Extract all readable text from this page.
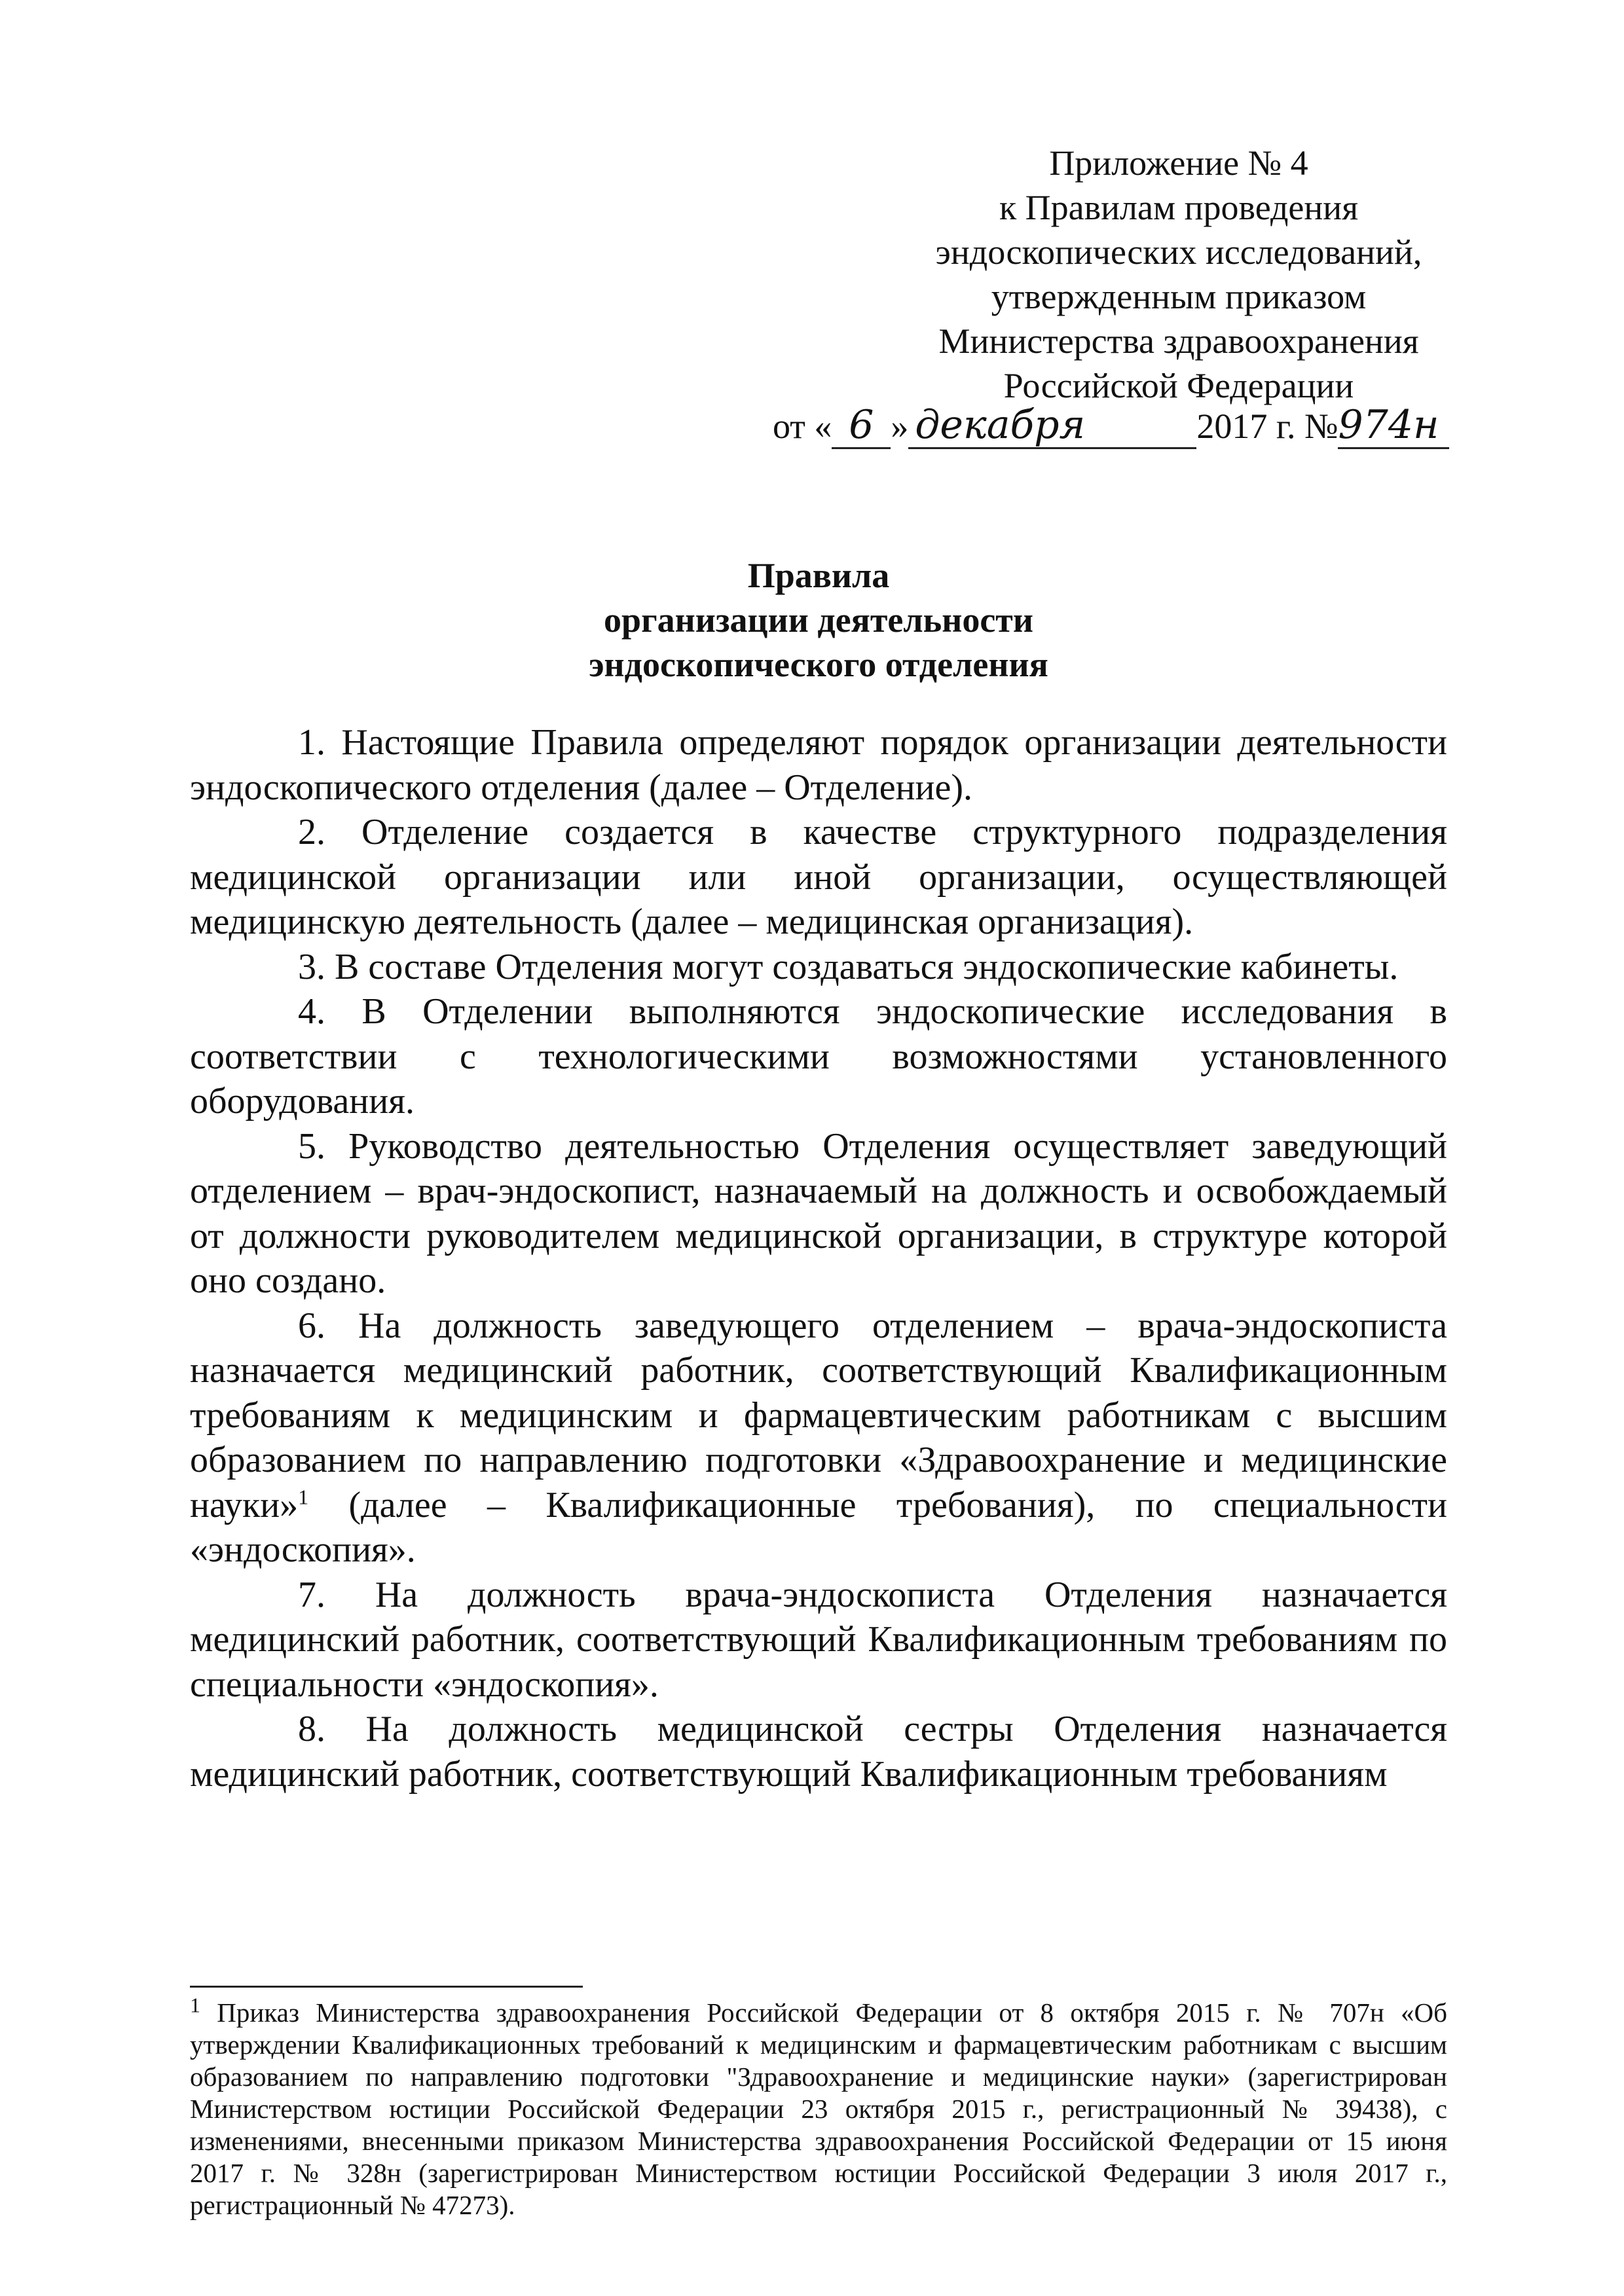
Приложение № 4
к Правилам проведения
эндоскопических исследований,
утвержденным приказом
Министерства здравоохранения
Российской Федерации
от « 6 » декабря	2017 г. №974н
Правила
организации деятельности
эндоскопического отделения

1. Настоящие Правила определяют порядок организации деятельности эндоскопического отделения (далее – Отделение).

2. Отделение создается в качестве структурного подразделения медицинской организации или иной организации, осуществляющей медицинскую деятельность (далее – медицинская организация).

3. В составе Отделения могут создаваться эндоскопические кабинеты.

4. В Отделении выполняются эндоскопические исследования в соответствии с технологическими возможностями установленного оборудования.

5. Руководство деятельностью Отделения осуществляет заведующий отделением – врач-эндоскопист, назначаемый на должность и освобождаемый от должности руководителем медицинской организации, в структуре которой оно создано.

6. На должность заведующего отделением – врача-эндоскописта назначается медицинский работник, соответствующий Квалификационным требованиям к медицинским и фармацевтическим работникам с высшим образованием по направлению подготовки «Здравоохранение и медицинские науки»$^1$ (далее – Квалификационные требования), по специальности «эндоскопия».

7. На должность врача-эндоскописта Отделения назначается медицинский работник, соответствующий Квалификационным требованиям по специальности «эндоскопия».

8. На должность медицинской сестры Отделения назначается медицинский работник, соответствующий Квалификационным требованиям

$^1$ Приказ Министерства здравоохранения Российской Федерации от 8 октября 2015 г. № 707н «Об утверждении Квалификационных требований к медицинским и фармацевтическим работникам с высшим образованием по направлению подготовки "Здравоохранение и медицинские науки» (зарегистрирован Министерством юстиции Российской Федерации 23 октября 2015 г., регистрационный № 39438), с изменениями, внесенными приказом Министерства здравоохранения Российской Федерации от 15 июня 2017 г. № 328н (зарегистрирован Министерством юстиции Российской Федерации 3 июля 2017 г., регистрационный № 47273).
